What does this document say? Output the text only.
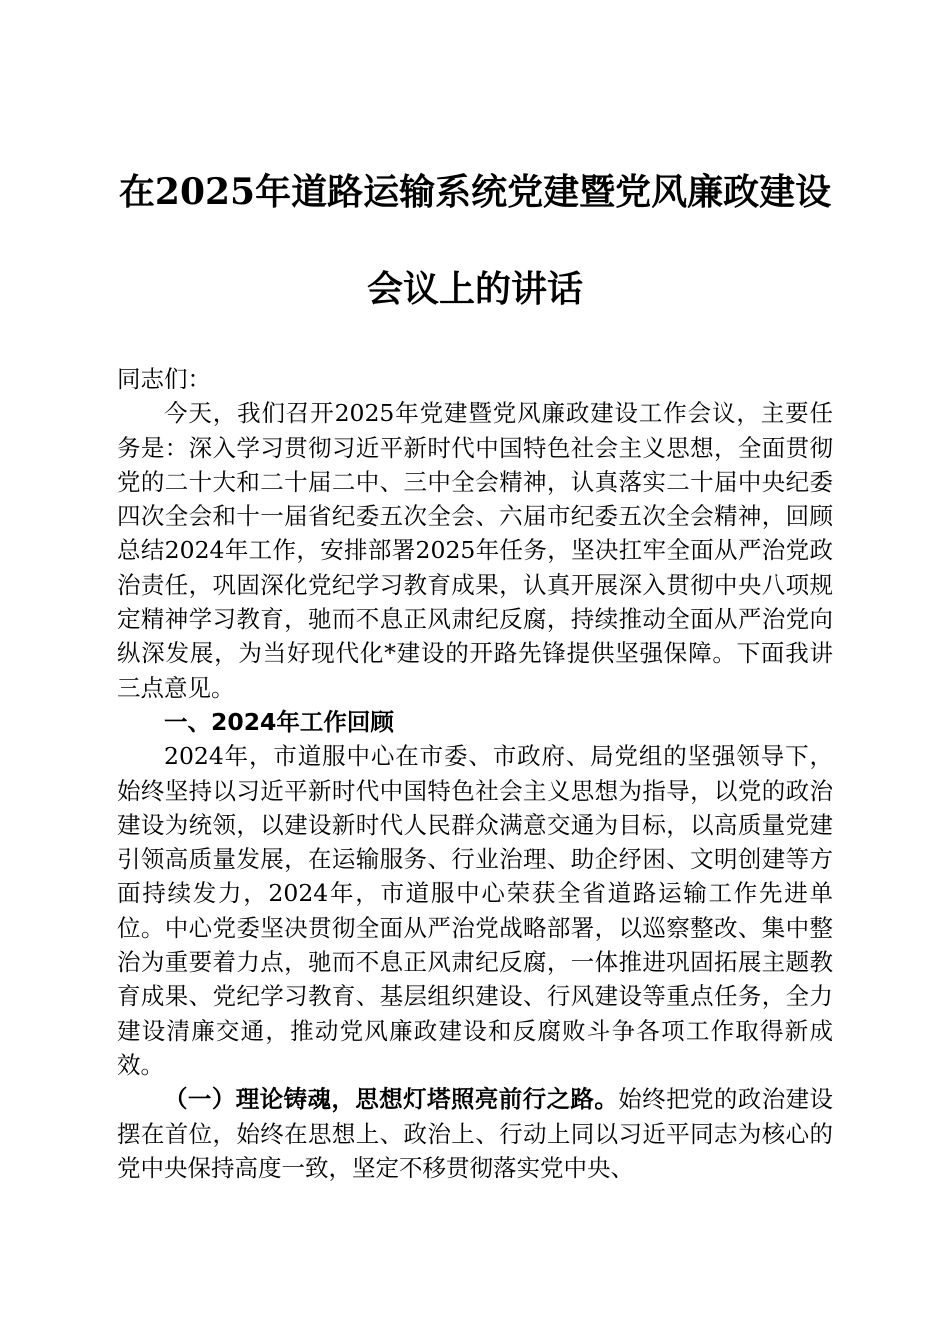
在2025年道路运输系统党建暨党风廉政建设
会议上的讲话

同志们：

今天，我们召开2025年党建暨党风廉政建设工作会议，主要任务是：深入学习贯彻习近平新时代中国特色社会主义思想，全面贯彻党的二十大和二十届二中、三中全会精神，认真落实二十届中央纪委四次全会和十一届省纪委五次全会、六届市纪委五次全会精神，回顾总结2024年工作，安排部署2025年任务，坚决扛牢全面从严治党政治责任，巩固深化党纪学习教育成果，认真开展深入贯彻中央八项规定精神学习教育，驰而不息正风肃纪反腐，持续推动全面从严治党向纵深发展，为当好现代化*建设的开路先锋提供坚强保障。下面我讲三点意见。

一、2024年工作回顾

2024年，市道服中心在市委、市政府、局党组的坚强领导下，始终坚持以习近平新时代中国特色社会主义思想为指导，以党的政治建设为统领，以建设新时代人民群众满意交通为目标，以高质量党建引领高质量发展，在运输服务、行业治理、助企纾困、文明创建等方面持续发力，2024年，市道服中心荣获全省道路运输工作先进单位。中心党委坚决贯彻全面从严治党战略部署，以巡察整改、集中整治为重要着力点，驰而不息正风肃纪反腐，一体推进巩固拓展主题教育成果、党纪学习教育、基层组织建设、行风建设等重点任务，全力建设清廉交通，推动党风廉政建设和反腐败斗争各项工作取得新成效。

（一）理论铸魂，思想灯塔照亮前行之路。始终把党的政治建设摆在首位，始终在思想上、政治上、行动上同以习近平同志为核心的党中央保持高度一致，坚定不移贯彻落实党中央、
